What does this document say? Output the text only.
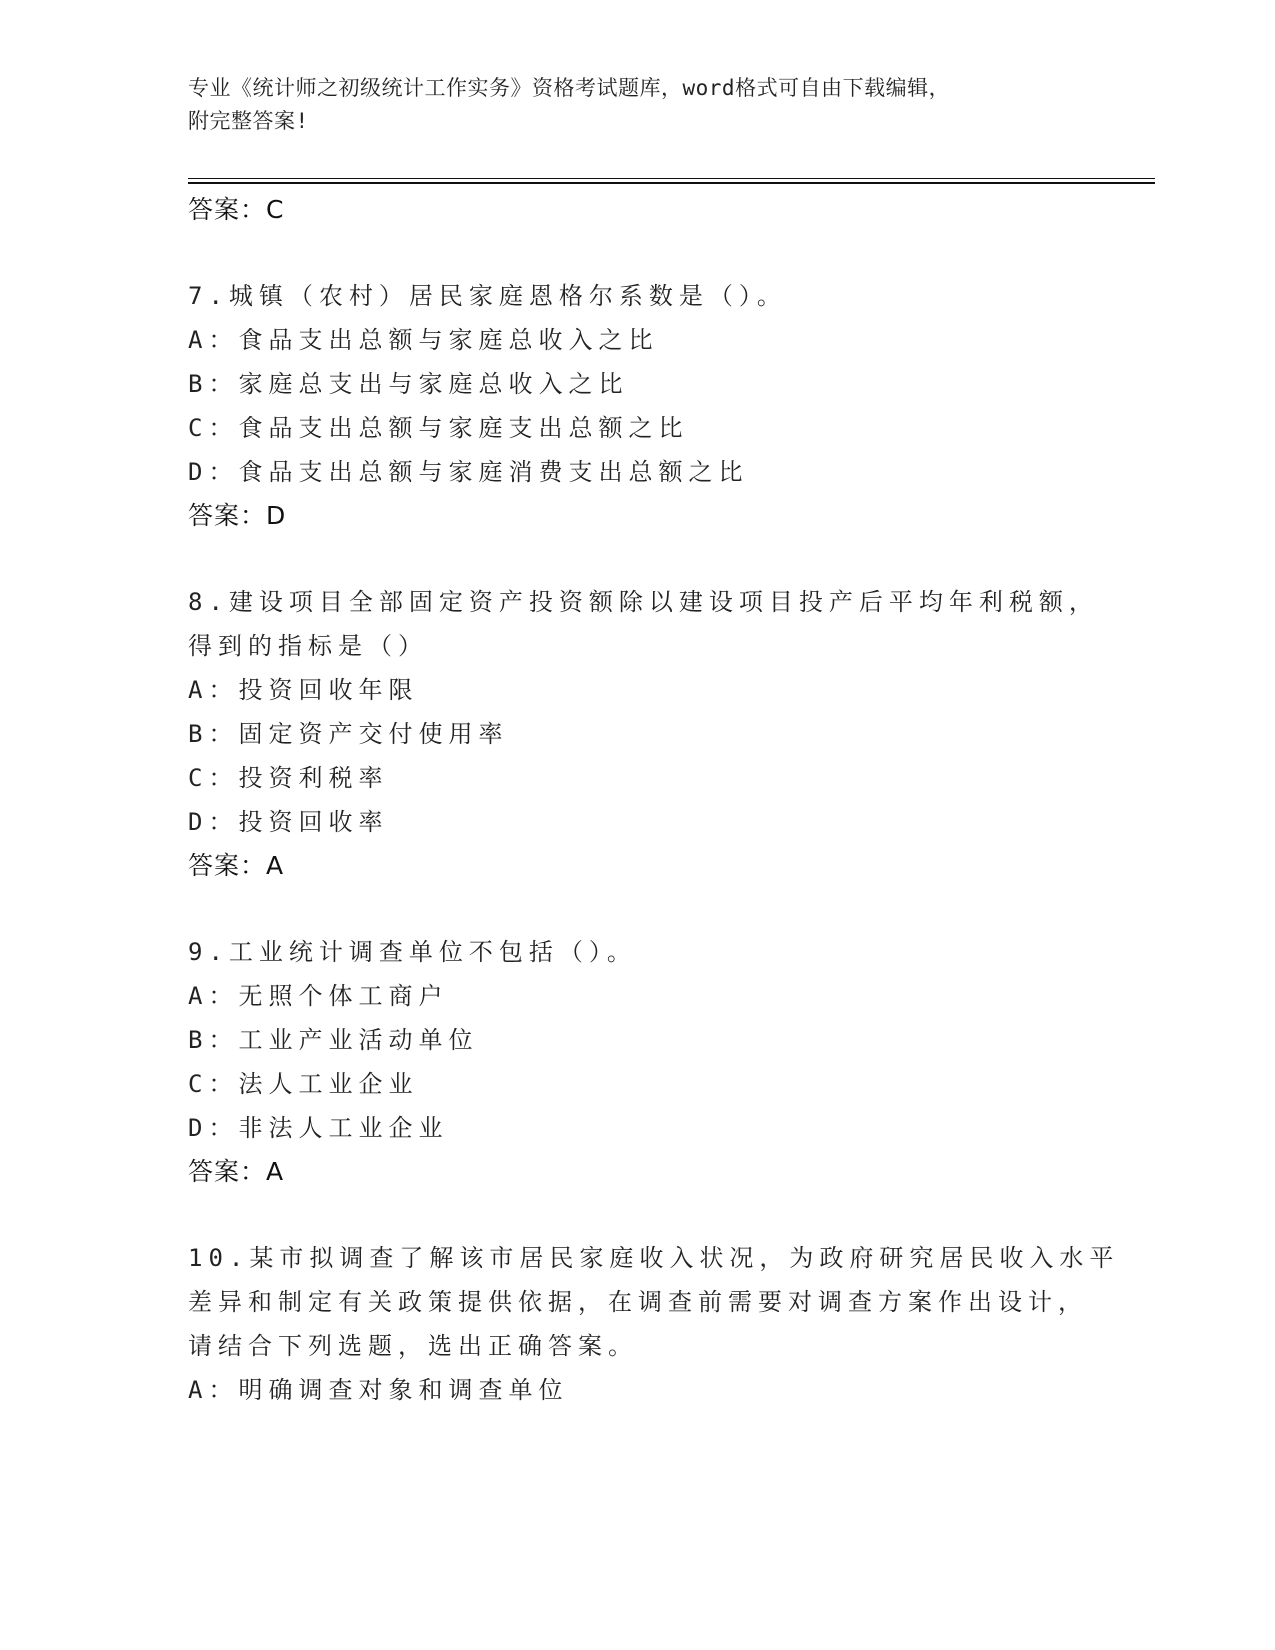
专业《统计师之初级统计工作实务》资格考试题库，word格式可自由下载编辑，
附完整答案!
答案：C
7.城镇（农村）居民家庭恩格尔系数是（）。
A：食品支出总额与家庭总收入之比
B：家庭总支出与家庭总收入之比
C：食品支出总额与家庭支出总额之比
D：食品支出总额与家庭消费支出总额之比
答案：D
8.建设项目全部固定资产投资额除以建设项目投产后平均年利税额，
得到的指标是（）
A：投资回收年限
B：固定资产交付使用率
C：投资利税率
D：投资回收率
答案：A
9.工业统计调查单位不包括（）。
A：无照个体工商户
B：工业产业活动单位
C：法人工业企业
D：非法人工业企业
答案：A
10.某市拟调查了解该市居民家庭收入状况，为政府研究居民收入水平
差异和制定有关政策提供依据，在调查前需要对调查方案作出设计，
请结合下列选题，选出正确答案。
A：明确调查对象和调查单位
